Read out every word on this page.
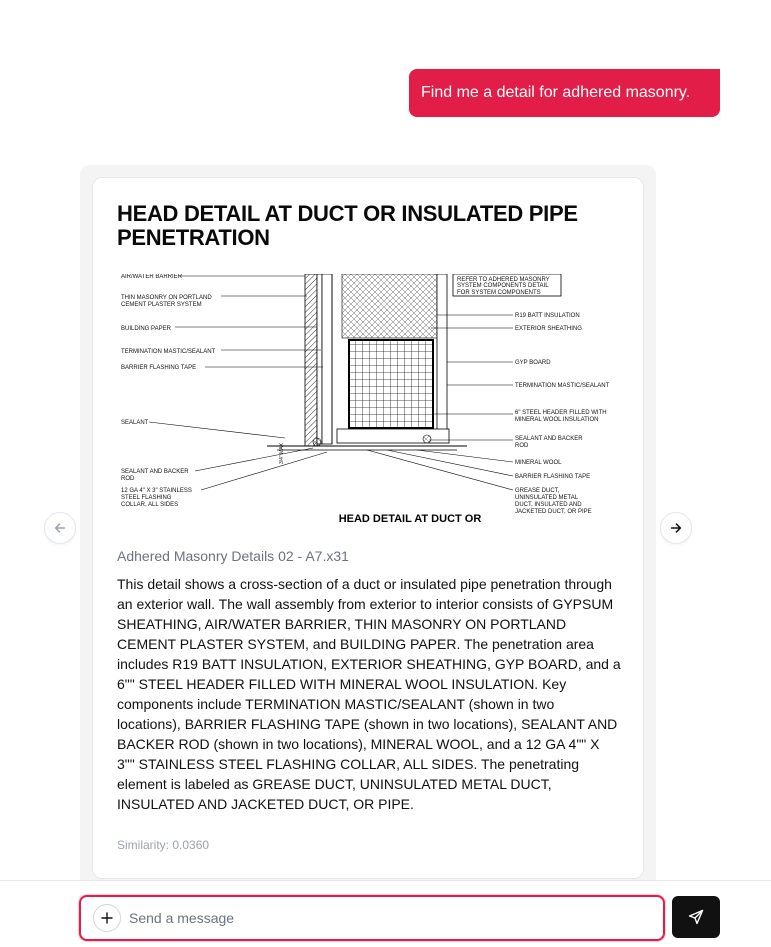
Find me a detail for adhered masonry.
HEAD DETAIL AT DUCT OR INSULATED PIPE PENETRATION
AIR/WATER BARRIER
THIN MASONRY ON PORTLAND
CEMENT PLASTER SYSTEM
BUILDING PAPER
TERMINATION MASTIC/SEALANT
BARRIER FLASHING TAPE
SEALANT
SEALANT AND BACKER
ROD
12 GA 4" X 3" STAINLESS
STEEL FLASHING
COLLAR, ALL SIDES
REFER TO ADHERED MASONRY
SYSTEM COMPONENTS DETAIL
FOR SYSTEM COMPONENTS
R19 BATT INSULATION
EXTERIOR SHEATHING
GYP BOARD
TERMINATION MASTIC/SEALANT
6" STEEL HEADER FILLED WITH
MINERAL WOOL INSULATION
SEALANT AND BACKER
ROD
MINERAL WOOL
BARRIER FLASHING TAPE
GREASE DUCT,
UNINSULATED METAL
DUCT, INSULATED AND
JACKETED DUCT, OR PIPE
3/4" MAX
HEAD DETAIL AT DUCT OR
Adhered Masonry Details 02 - A7.x31
This detail shows a cross-section of a duct or insulated pipe penetration through an exterior wall. The wall assembly from exterior to interior consists of GYPSUM SHEATHING, AIR/WATER BARRIER, THIN MASONRY ON PORTLAND CEMENT PLASTER SYSTEM, and BUILDING PAPER. The penetration area includes R19 BATT INSULATION, EXTERIOR SHEATHING, GYP BOARD, and a 6"" STEEL HEADER FILLED WITH MINERAL WOOL INSULATION. Key components include TERMINATION MASTIC/SEALANT (shown in two locations), BARRIER FLASHING TAPE (shown in two locations), SEALANT AND BACKER ROD (shown in two locations), MINERAL WOOL, and a 12 GA 4"" X 3"" STAINLESS STEEL FLASHING COLLAR, ALL SIDES. The penetrating element is labeled as GREASE DUCT, UNINSULATED METAL DUCT, INSULATED AND JACKETED DUCT, OR PIPE.
Similarity: 0.0360
Send a message
